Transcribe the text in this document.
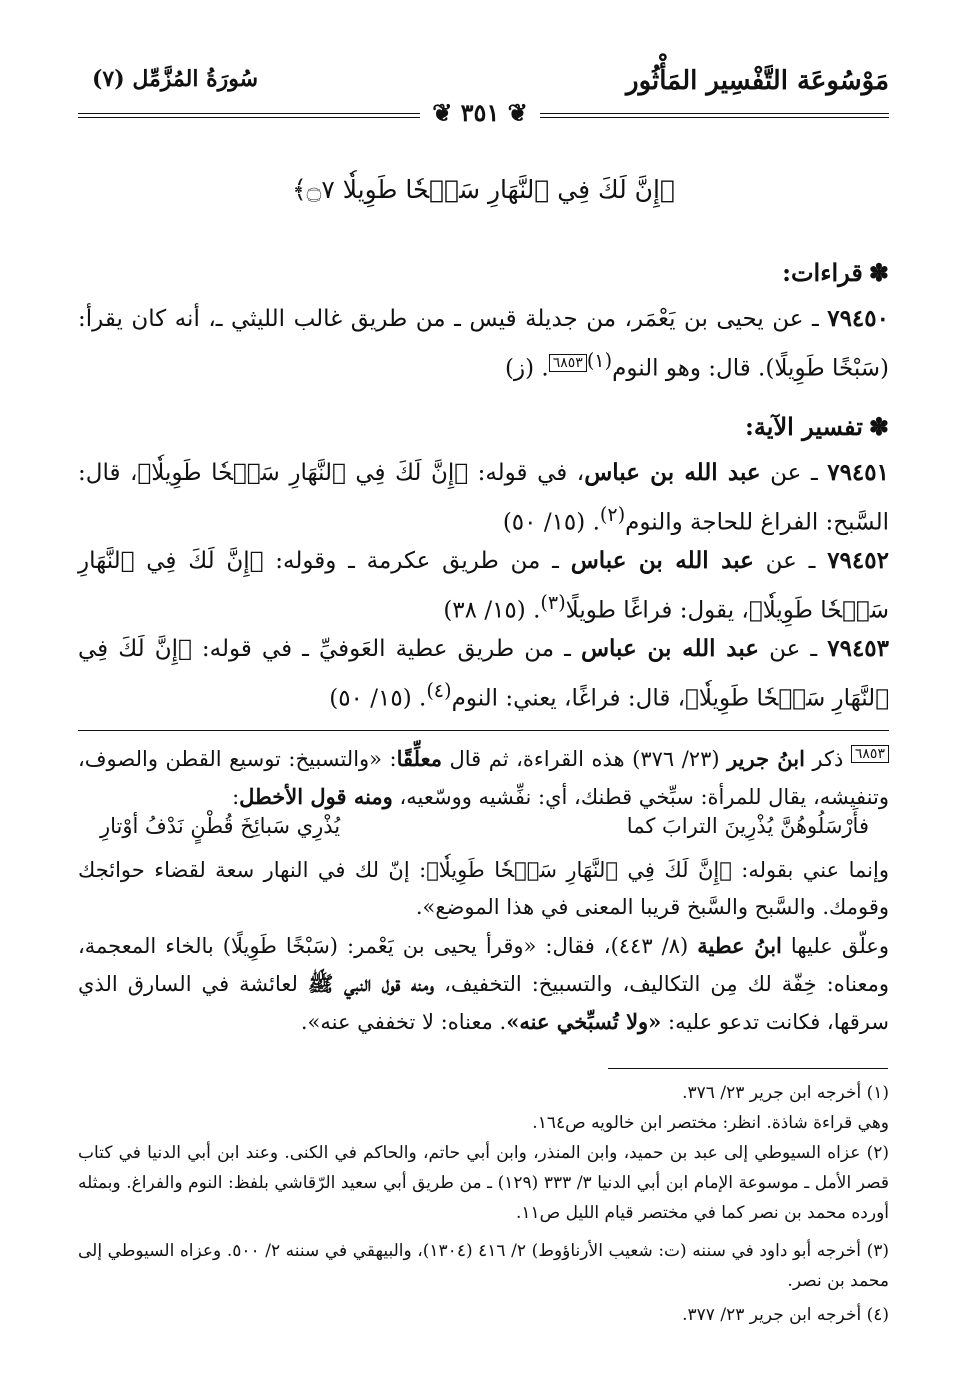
سُورَةُ المُزَّمِّل (٧)	مَوْسُوعَة التَّفْسِير المَأْثُور
❦ ٣٥١ ❦
﴿إِنَّ لَكَ فِي ٱلنَّهَارِ سَبۡحٗا طَوِيلٗا ۝٧﴾
✽قراءات:
٧٩٤٥٠ ـ عن يحيى بن يَعْمَر، من جديلة قيس ـ من طريق غالب الليثي ـ، أنه كان يقرأ: (سَبْخًا طَوِيلًا). قال: وهو النوم$^{(١)}$٦٨٥٣. (ز)
✽تفسير الآية:
٧٩٤٥١ ـ عن عبد الله بن عباس، في قوله: ﴿إِنَّ لَكَ فِي ٱلنَّهَارِ سَبۡحٗا طَوِيلٗا﴾، قال: السَّبح: الفراغ للحاجة والنوم$^{(٢)}$. (١٥/ ٥٠)
٧٩٤٥٢ ـ عن عبد الله بن عباس ـ من طريق عكرمة ـ وقوله: ﴿إِنَّ لَكَ فِي ٱلنَّهَارِ سَبۡحٗا طَوِيلٗا﴾، يقول: فراغًا طويلًا$^{(٣)}$. (١٥/ ٣٨)
٧٩٤٥٣ ـ عن عبد الله بن عباس ـ من طريق عطية العَوفيِّ ـ في قوله: ﴿إِنَّ لَكَ فِي ٱلنَّهَارِ سَبۡحٗا طَوِيلٗا﴾، قال: فراغًا، يعني: النوم$^{(٤)}$. (١٥/ ٥٠)
٦٨٥٣ ذكر ابنُ جرير (٢٣/ ٣٧٦) هذه القراءة، ثم قال معلِّقًا: «والتسبيخ: توسيع القطن والصوف، وتنفيشه، يقال للمرأة: سبِّخي قطنك، أي: نفِّشيه ووسّعيه، ومنه قول الأخطل:
فأَرْسَلُوهُنَّ يُذْرِينَ الترابَ كما
يُذْرِي سَبائِخَ قُطْنٍ نَدْفُ أوْتارِ
وإنما عني بقوله: ﴿إِنَّ لَكَ فِي ٱلنَّهَارِ سَبۡحٗا طَوِيلٗا﴾: إنّ لك في النهار سعة لقضاء حوائجك وقومك. والسَّبح والسَّبخ قريبا المعنى في هذا الموضع».
وعلّق عليها ابنُ عطية (٨/ ٤٤٣)، فقال: «وقرأ يحيى بن يَعْمر: (سَبْخًا طَوِيلًا) بالخاء المعجمة، ومعناه: خِفّة لك مِن التكاليف، والتسبيخ: التخفيف، ومنه قول النبي ﷺ لعائشة في السارق الذي سرقها، فكانت تدعو عليه: «ولا تُسبِّخي عنه». معناه: لا تخففي عنه».
(١) أخرجه ابن جرير ٢٣/ ٣٧٦.
وهي قراءة شاذة. انظر: مختصر ابن خالويه ص١٦٤.
(٢) عزاه السيوطي إلى عبد بن حميد، وابن المنذر، وابن أبي حاتم، والحاكم في الكنى. وعند ابن أبي الدنيا في كتاب قصر الأمل ـ موسوعة الإمام ابن أبي الدنيا ٣/ ٣٣٣ (١٢٩) ـ من طريق أبي سعيد الرّقاشي بلفظ: النوم والفراغ. وبمثله أورده محمد بن نصر كما في مختصر قيام الليل ص١١.
(٣) أخرجه أبو داود في سننه (ت: شعيب الأرناؤوط) ٢/ ٤١٦ (١٣٠٤)، والبيهقي في سننه ٢/ ٥٠٠. وعزاه السيوطي إلى محمد بن نصر.
(٤) أخرجه ابن جرير ٢٣/ ٣٧٧.
